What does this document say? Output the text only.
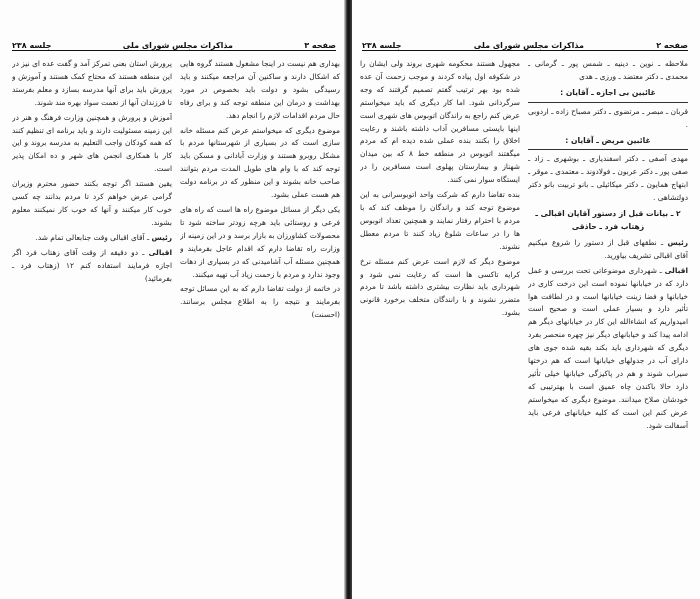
صفحه ۳
مذاکرات مجلس شورای ملی
جلسه ۲۳۸

بهداری هم نیست در اینجا مشغول هستند گروه هایی که اشکال دارند و ساکنین آن مراجعه میکنند و باید رسیدگی بشود و دولت باید بخصوص در مورد بهداشت و درمان این منطقه توجه کند و برای رفاه حال مردم اقدامات لازم را انجام دهد.

موضوع دیگری که میخواستم عرض کنم مسئله خانه سازی است که در بسیاری از شهرستانها مردم با مشکل روبرو هستند و وزارت آبادانی و مسکن باید توجه کند که با وام های طویل المدت مردم بتوانند صاحب خانه بشوند و این منظور که در برنامه دولت هم هست عملی بشود.

یکی دیگر از مسائل موضوع راه ها است که راه های فرعی و روستائی باید هرچه زودتر ساخته شود تا محصولات کشاورزان به بازار برسد و در این زمینه از وزارت راه تقاضا دارم که اقدام عاجل بفرمایند و همچنین مسئله آب آشامیدنی که در بسیاری از دهات وجود ندارد و مردم با زحمت زیاد آب تهیه میکنند.

در خاتمه از دولت تقاضا دارم که به این مسائل توجه بفرمایند و نتیجه را به اطلاع مجلس برسانند. (احسنت)

پرورش استان بعنی تمرکز آمد و گفت عده ای نیز در این منطقه هستند که محتاج کمک هستند و آموزش و پرورش باید برای آنها مدرسه بسازد و معلم بفرستد تا فرزندان آنها از نعمت سواد بهره مند شوند.

آموزش و پرورش و همچنین وزارت فرهنگ و هنر در این زمینه مسئولیت دارند و باید برنامه ای تنظیم کنند که همه کودکان واجب التعلیم به مدرسه بروند و این کار با همکاری انجمن های شهر و ده امکان پذیر است.

یقین هستند اگر توجه بکنند حضور محترم وزیران گرامی عرض خواهم کرد تا مردم بدانند چه کسی خوب کار میکنند و آنها که خوب کار نمیکنند معلوم بشوند.

رئیس ـ آقای اقبالی وقت جنابعالی تمام شد.

اقبالی ـ دو دقیقه از وقت آقای زهتاب فرد اگر اجازه فرمایند استفاده کنم ۱۲ (زهتاب فرد ـ بفرمائید)

صفحه ۲
مذاکرات مجلس شورای ملی
جلسه ۲۳۸

ملاحظه ـ نوین ـ دینیه ـ شمس پور ـ گرمانی ـ محمدی ـ دکتر معتضد ـ ورزی ـ هدی

غائبین بی اجازه ـ آقایان :

قربان ـ مبصر ـ مرتضوی ـ دکتر مصباح زاده ـ اردوبی .

غائبین مریض ـ آقایان :

مهدی آصفی ـ دکتر اسفندیاری ـ بوشهری ـ زاد ـ صفی پور ـ دکتر عربون ـ فولادوند ـ معتمدی ـ موقر ـ ابتهاج همایون ـ دکتر میکائیلی ـ بانو تربیت بانو دکتر دولتشاهی .

۲ ـ بیانات قبل از دستور آقایان اقبالی ـ زهتاب فرد ـ حاذقی

رئیس ـ نطقهای قبل از دستور را شروع میکنیم آقای اقبالی تشریف بیاورید.

اقبالی ـ شهرداری موضوعاتی تحت بررسی و عمل دارد که در خیابانها نموده است این درخت کاری در خیابانها و فضا زینت خیابانها است و در لطافت هوا تأثیر دارد و بسیار عملی است و صحیح است امیدواریم که انشاءالله این کار در خیابانهای دیگر هم ادامه پیدا کند و خیابانهای دیگر نیز چهره منحصر بفرد دیگری که شهرداری باید بکند بقیه شده جوی های دارای آب در جدولهای خیابانها است که هم درختها سیراب شوند و هم در پاکیزگی خیابانها خیلی تأثیر دارد حالا باکندن چاه عمیق است با بهترتیبی که خودشان صلاح میدانند. موضوع دیگری که میخواستم عرض کنم این است که کلیه خیابانهای فرعی باید آسفالت شود.

مجهول هستند محکومه شهری بروند ولی ایشان را در شکوفه اول پیاده کردند و موجب زحمت آن عده شده بود بهر ترتیب گفتم تصمیم گرفتند که وجه سرگردانی شود. اما کار دیگری که باید میخواستم عرض کنم راجع به راندگان اتوبوس های شهری است اینها بایستی مسافرین آداب داشته باشند و رعایت اخلاق را بکنند بنده عملی شده دیده ام که مردم میگفتند اتوبوس در منطقه خط ۸ که بین میدان شهناز و بیمارستان پهلوی است مسافرین را در ایستگاه سوار نمی کنند.

بنده تقاضا دارم که شرکت واحد اتوبوسرانی به این موضوع توجه کند و راندگان را موظف کند که با مردم با احترام رفتار نمایند و همچنین تعداد اتوبوس ها را در ساعات شلوغ زیاد کنند تا مردم معطل نشوند.

موضوع دیگر که لازم است عرض کنم مسئله نرخ کرایه تاکسی ها است که رعایت نمی شود و شهرداری باید نظارت بیشتری داشته باشد تا مردم متضرر نشوند و با رانندگان متخلف برخورد قانونی بشود.
